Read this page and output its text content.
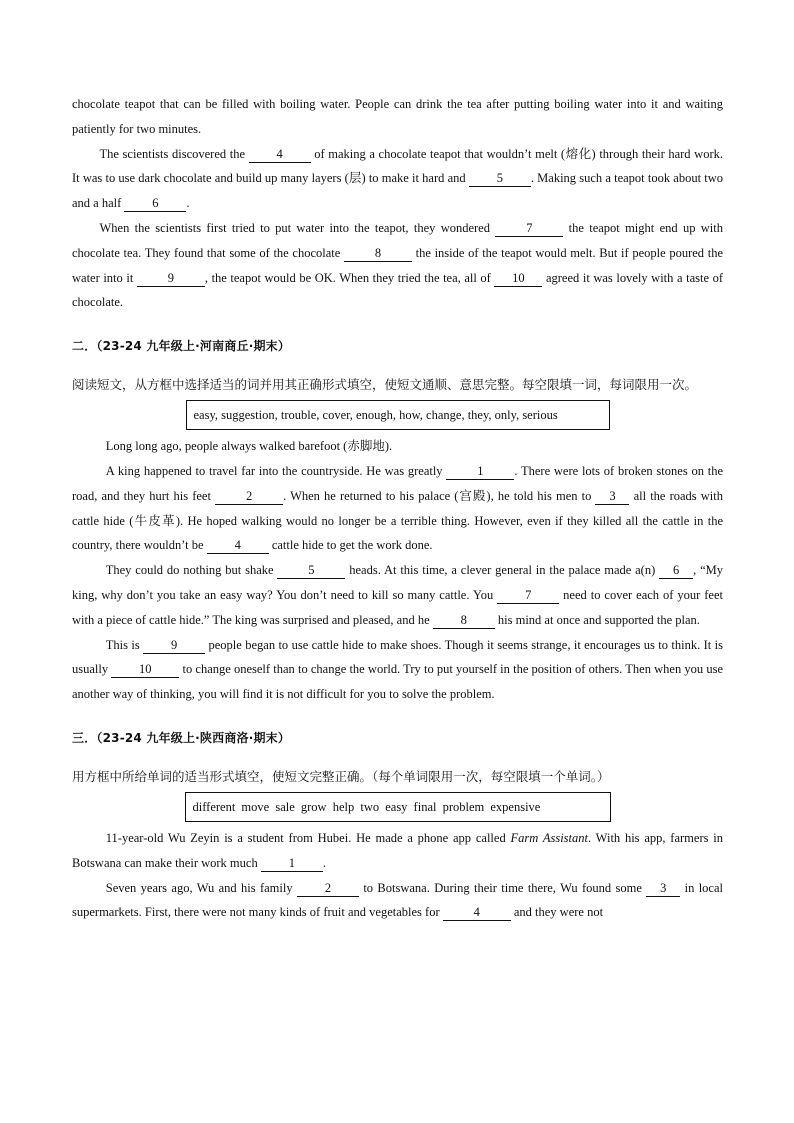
chocolate teapot that can be filled with boiling water. People can drink the tea after putting boiling water into it and waiting patiently for two minutes.

The scientists discovered the 4 of making a chocolate teapot that wouldn’t melt (熔化) through their hard work. It was to use dark chocolate and build up many layers (层) to make it hard and 5 . Making such a teapot took about two and a half 6 .

When the scientists first tried to put water into the teapot, they wondered 7 the teapot might end up with chocolate tea. They found that some of the chocolate 8 the inside of the teapot would melt. But if people poured the water into it 9 , the teapot would be OK. When they tried the tea, all of 10 agreed it was lovely with a taste of chocolate.

二．（23-24 九年级上·河南商丘·期末）

阅读短文，从方框中选择适当的词并用其正确形式填空，使短文通顺、意思完整。每空限填一词，每词限用一次。

easy, suggestion, trouble, cover, enough, how, change, they, only, serious

Long long ago, people always walked barefoot (赤脚地).

A king happened to travel far into the countryside. He was greatly 1 . There were lots of broken stones on the road, and they hurt his feet 2 . When he returned to his palace (宫殿), he told his men to 3 all the roads with cattle hide (牛皮革). He hoped walking would no longer be a terrible thing. However, even if they killed all the cattle in the country, there wouldn’t be 4 cattle hide to get the work done.

They could do nothing but shake 5 heads. At this time, a clever general in the palace made a(n) 6 , “My king, why don’t you take an easy way? You don’t need to kill so many cattle. You 7 need to cover each of your feet with a piece of cattle hide.” The king was surprised and pleased, and he 8 his mind at once and supported the plan.

This is 9 people began to use cattle hide to make shoes. Though it seems strange, it encourages us to think. It is usually 10 to change oneself than to change the world. Try to put yourself in the position of others. Then when you use another way of thinking, you will find it is not difficult for you to solve the problem.

三．（23-24 九年级上·陕西商洛·期末）

用方框中所给单词的适当形式填空，使短文完整正确。（每个单词限用一次，每空限填一个单词。）

different move sale grow help two easy final problem expensive

11-year-old Wu Zeyin is a student from Hubei. He made a phone app called Farm Assistant. With his app, farmers in Botswana can make their work much 1 .

Seven years ago, Wu and his family 2 to Botswana. During their time there, Wu found some 3 in local supermarkets. First, there were not many kinds of fruit and vegetables for 4 and they were not
